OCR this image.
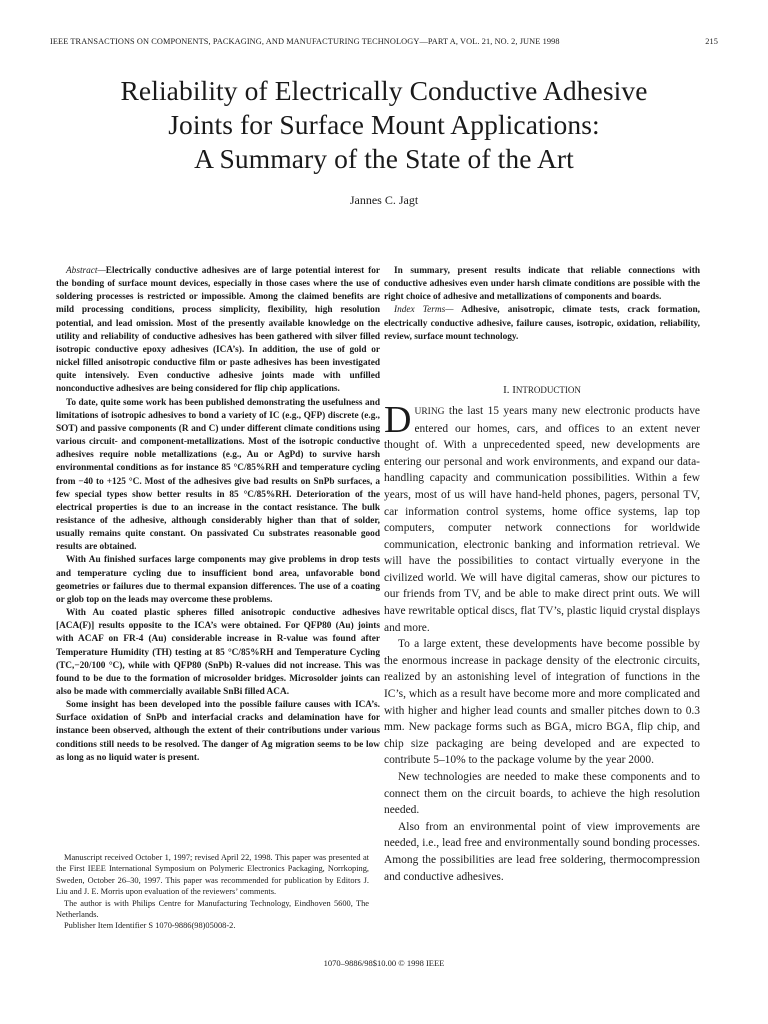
IEEE TRANSACTIONS ON COMPONENTS, PACKAGING, AND MANUFACTURING TECHNOLOGY—PART A, VOL. 21, NO. 2, JUNE 1998	215
Reliability of Electrically Conductive Adhesive
Joints for Surface Mount Applications:
A Summary of the State of the Art
Jannes C. Jagt

Abstract—Electrically conductive adhesives are of large potential interest for the bonding of surface mount devices, especially in those cases where the use of soldering processes is restricted or impossible. Among the claimed benefits are mild processing conditions, process simplicity, flexibility, high resolution potential, and lead omission. Most of the presently available knowledge on the utility and reliability of conductive adhesives has been gathered with silver filled isotropic conductive epoxy adhesives (ICA’s). In addition, the use of gold or nickel filled anisotropic conductive film or paste adhesives has been investigated quite intensively. Even conductive adhesive joints made with unfilled nonconductive adhesives are being considered for flip chip applications.

To date, quite some work has been published demonstrating the usefulness and limitations of isotropic adhesives to bond a variety of IC (e.g., QFP) discrete (e.g., SOT) and passive components (R and C) under different climate conditions using various circuit- and component-metallizations. Most of the isotropic conductive adhesives require noble metallizations (e.g., Au or AgPd) to survive harsh environmental conditions as for instance 85 °C/85%RH and temperature cycling from −40 to +125 °C. Most of the adhesives give bad results on SnPb surfaces, a few special types show better results in 85 °C/85%RH. Deterioration of the electrical properties is due to an increase in the contact resistance. The bulk resistance of the adhesive, although considerably higher than that of solder, usually remains quite constant. On passivated Cu substrates reasonable good results are obtained.

With Au finished surfaces large components may give problems in drop tests and temperature cycling due to insufficient bond area, unfavorable bond geometries or failures due to thermal expansion differences. The use of a coating or glob top on the leads may overcome these problems.

With Au coated plastic spheres filled anisotropic conductive adhesives [ACA(F)] results opposite to the ICA’s were obtained. For QFP80 (Au) joints with ACAF on FR-4 (Au) considerable increase in R-value was found after Temperature Humidity (TH) testing at 85 °C/85%RH and Temperature Cycling (TC,−20/100 °C), while with QFP80 (SnPb) R-values did not increase. This was found to be due to the formation of microsolder bridges. Microsolder joints can also be made with commercially available SnBi filled ACA.

Some insight has been developed into the possible failure causes with ICA’s. Surface oxidation of SnPb and interfacial cracks and delamination have for instance been observed, although the extent of their contributions under various conditions still needs to be resolved. The danger of Ag migration seems to be low as long as no liquid water is present.

In summary, present results indicate that reliable connections with conductive adhesives even under harsh climate conditions are possible with the right choice of adhesive and metallizations of components and boards.

Index Terms— Adhesive, anisotropic, climate tests, crack formation, electrically conductive adhesive, failure causes, isotropic, oxidation, reliability, review, surface mount technology.

I. INTRODUCTION

DURING the last 15 years many new electronic products have entered our homes, cars, and offices to an extent never thought of. With a unprecedented speed, new developments are entering our personal and work environments, and expand our data-handling capacity and communication possibilities. Within a few years, most of us will have hand-held phones, pagers, personal TV, car information control systems, home office systems, lap top computers, computer network connections for worldwide communication, electronic banking and information retrieval. We will have the possibilities to contact virtually everyone in the civilized world. We will have digital cameras, show our pictures to our friends from TV, and be able to make direct print outs. We will have rewritable optical discs, flat TV’s, plastic liquid crystal displays and more.

To a large extent, these developments have become possible by the enormous increase in package density of the electronic circuits, realized by an astonishing level of integration of functions in the IC’s, which as a result have become more and more complicated and with higher and higher lead counts and smaller pitches down to 0.3 mm. New package forms such as BGA, micro BGA, flip chip, and chip size packaging are being developed and are expected to contribute 5–10% to the package volume by the year 2000.

New technologies are needed to make these components and to connect them on the circuit boards, to achieve the high resolution needed.

Also from an environmental point of view improvements are needed, i.e., lead free and environmentally sound bonding processes. Among the possibilities are lead free soldering, thermocompression and conductive adhesives.

Manuscript received October 1, 1997; revised April 22, 1998. This paper was presented at the First IEEE International Symposium on Polymeric Electronics Packaging, Norrkoping, Sweden, October 26–30, 1997. This paper was recommended for publication by Editors J. Liu and J. E. Morris upon evaluation of the reviewers’ comments.

The author is with Philips Centre for Manufacturing Technology, Eindhoven 5600, The Netherlands.

Publisher Item Identifier S 1070-9886(98)05008-2.

1070–9886/98$10.00 © 1998 IEEE
